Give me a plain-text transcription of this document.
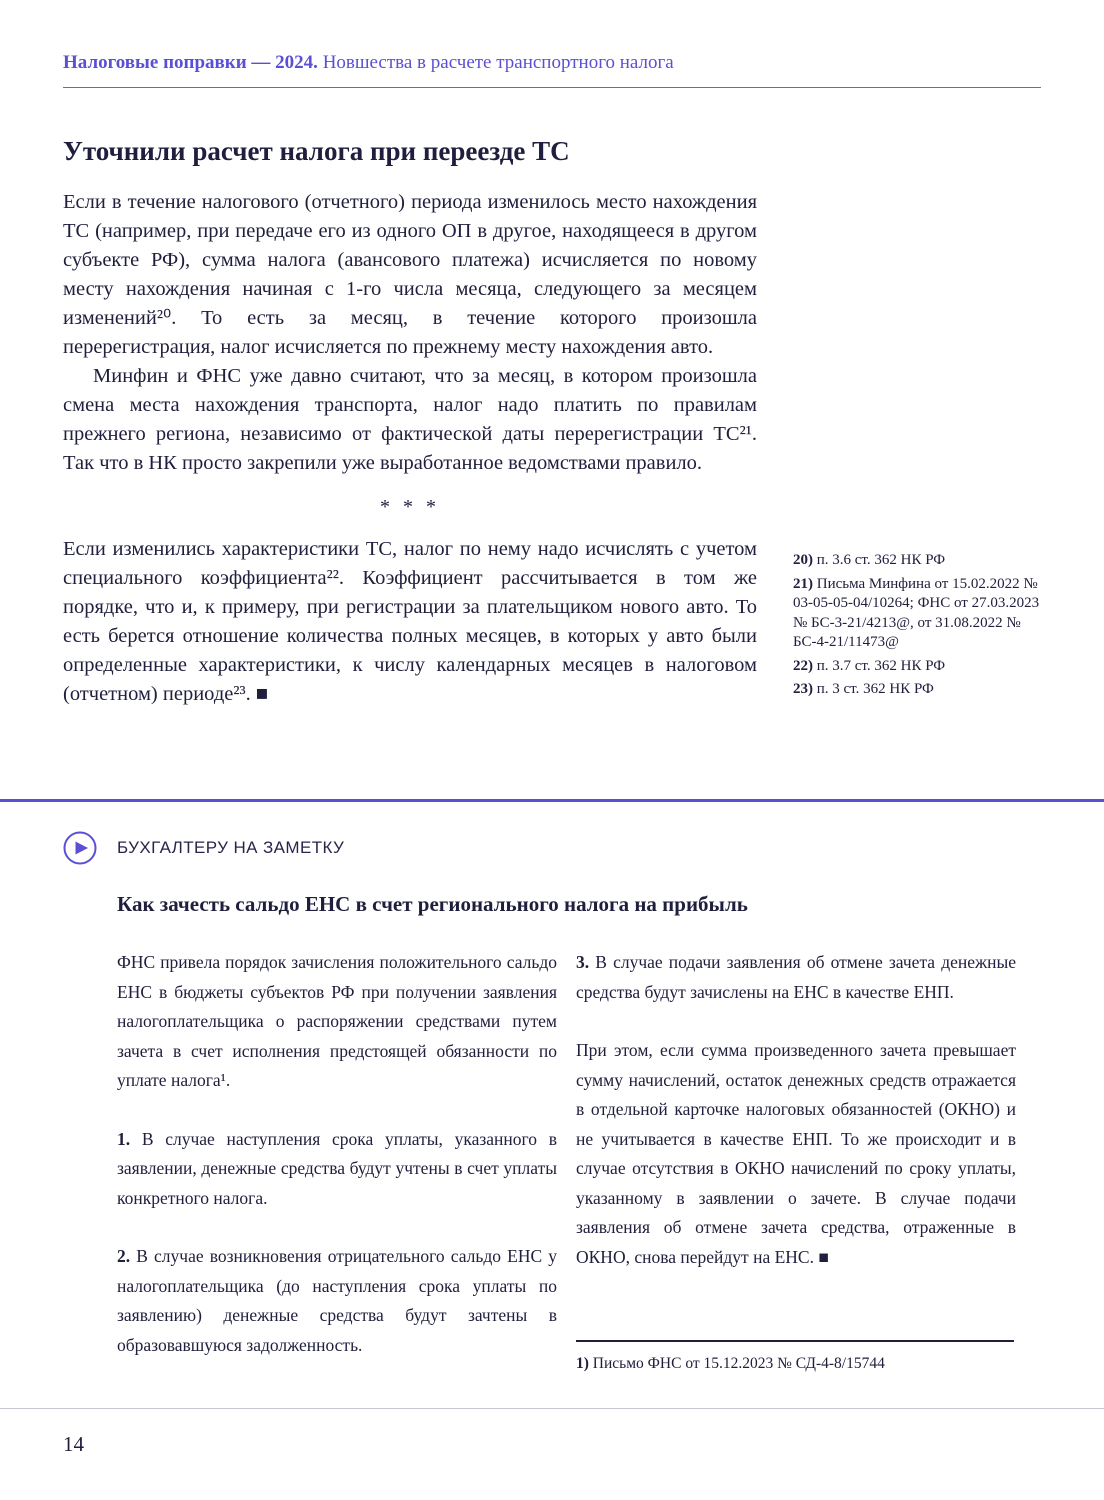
Налоговые поправки — 2024. Новшества в расчете транспортного налога
Уточнили расчет налога при переезде ТС

Если в течение налогового (отчетного) периода изменилось место нахождения ТС (например, при передаче его из одного ОП в другое, находящееся в другом субъекте РФ), сумма налога (авансового платежа) исчисляется по новому месту нахождения начиная с 1-го числа месяца, следующего за месяцем изменений²⁰. То есть за месяц, в течение которого произошла перерегистрация, налог исчисляется по прежнему месту нахождения авто.

Минфин и ФНС уже давно считают, что за месяц, в котором произошла смена места нахождения транспорта, налог надо платить по правилам прежнего региона, независимо от фактической даты перерегистрации ТС²¹. Так что в НК просто закрепили уже выработанное ведомствами правило.

* * *

Если изменились характеристики ТС, налог по нему надо исчислять с учетом специального коэффициента²². Коэффициент рассчитывается в том же порядке, что и, к примеру, при регистрации за плательщиком нового авто. То есть берется отношение количества полных месяцев, в которых у авто были определенные характеристики, к числу календарных месяцев в налоговом (отчетном) периоде²³. ■

20) п. 3.6 ст. 362 НК РФ

21) Письма Минфина от 15.02.2022 № 03-05-05-04/10264; ФНС от 27.03.2023 № БС-3-21/4213@, от 31.08.2022 № БС-4-21/11473@

22) п. 3.7 ст. 362 НК РФ

23) п. 3 ст. 362 НК РФ

БУХГАЛТЕРУ НА ЗАМЕТКУ
Как зачесть сальдо ЕНС в счет регионального налога на прибыль

ФНС привела порядок зачисления положительного сальдо ЕНС в бюджеты субъектов РФ при получении заявления налогоплательщика о распоряжении средствами путем зачета в счет исполнения предстоящей обязанности по уплате налога¹.

1. В случае наступления срока уплаты, указанного в заявлении, денежные средства будут учтены в счет уплаты конкретного налога.

2. В случае возникновения отрицательного сальдо ЕНС у налогоплательщика (до наступления срока уплаты по заявлению) денежные средства будут зачтены в образовавшуюся задолженность.

3. В случае подачи заявления об отмене зачета денежные средства будут зачислены на ЕНС в качестве ЕНП.

При этом, если сумма произведенного зачета превышает сумму начислений, остаток денежных средств отражается в отдельной карточке налоговых обязанностей (ОКНО) и не учитывается в качестве ЕНП. То же происходит и в случае отсутствия в ОКНО начислений по сроку уплаты, указанному в заявлении о зачете. В случае подачи заявления об отмене зачета средства, отраженные в ОКНО, снова перейдут на ЕНС. ■

1) Письмо ФНС от 15.12.2023 № СД-4-8/15744
14
